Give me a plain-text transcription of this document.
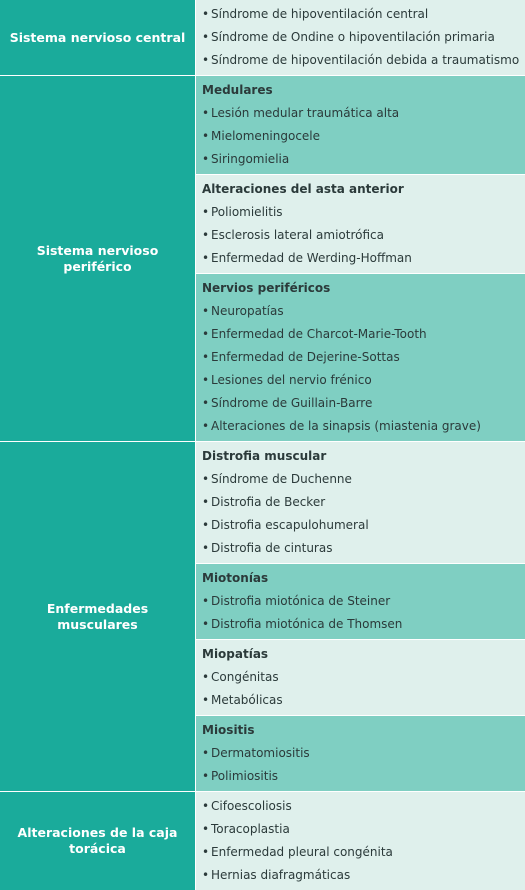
Sistema nervioso central
• Síndrome de hipoventilación central
• Síndrome de Ondine o hipoventilación primaria
• Síndrome de hipoventilación debida a traumatismo
Sistema nervioso periférico
Medulares
• Lesión medular traumática alta
• Mielomeningocele
• Siringomielia
Alteraciones del asta anterior
• Poliomielitis
• Esclerosis lateral amiotrófica
• Enfermedad de Werding-Hoffman
Nervios periféricos
• Neuropatías
• Enfermedad de Charcot-Marie-Tooth
• Enfermedad de Dejerine-Sottas
• Lesiones del nervio frénico
• Síndrome de Guillain-Barre
• Alteraciones de la sinapsis (miastenia grave)
Enfermedades musculares
Distrofia muscular
• Síndrome de Duchenne
• Distrofia de Becker
• Distrofia escapulohumeral
• Distrofia de cinturas
Miotonías
• Distrofia miotónica de Steiner
• Distrofia miotónica de Thomsen
Miopatías
• Congénitas
• Metabólicas
Miositis
• Dermatomiositis
• Polimiositis
Alteraciones de la caja torácica
• Cifoescoliosis
• Toracoplastia
• Enfermedad pleural congénita
• Hernias diafragmáticas
